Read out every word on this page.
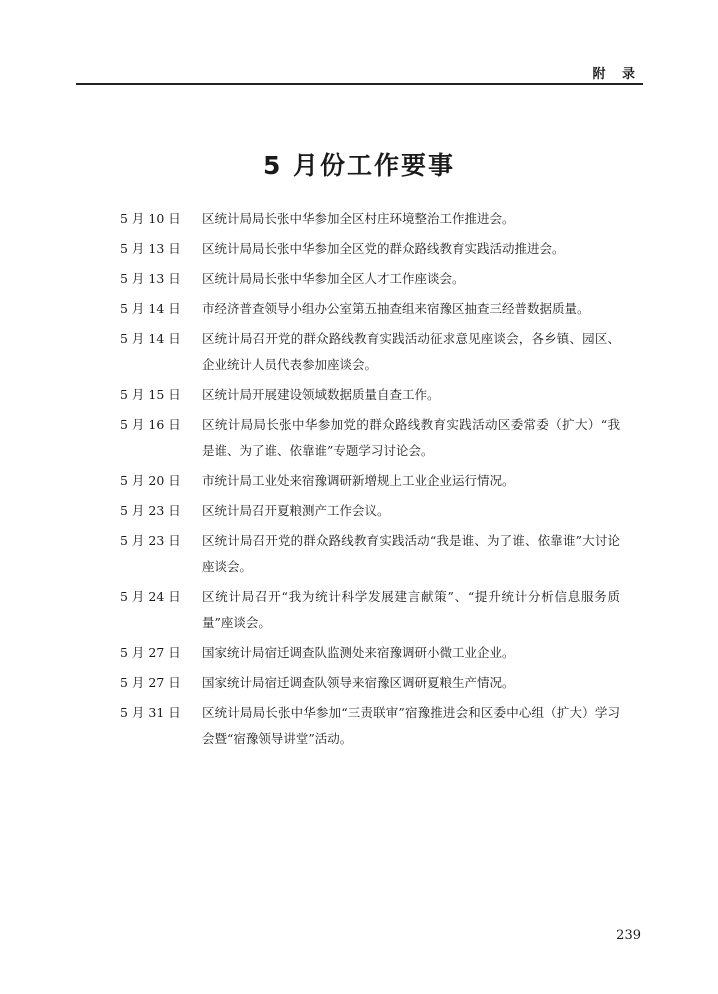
附 录
5 月份工作要事
5 月 10 日	区统计局局长张中华参加全区村庄环境整治工作推进会。
5 月 13 日	区统计局局长张中华参加全区党的群众路线教育实践活动推进会。
5 月 13 日	区统计局局长张中华参加全区人才工作座谈会。
5 月 14 日	市经济普查领导小组办公室第五抽查组来宿豫区抽查三经普数据质量。
5 月 14 日	区统计局召开党的群众路线教育实践活动征求意见座谈会，各乡镇、园区、企业统计人员代表参加座谈会。
5 月 15 日	区统计局开展建设领域数据质量自查工作。
5 月 16 日	区统计局局长张中华参加党的群众路线教育实践活动区委常委（扩大）“我是谁、为了谁、依靠谁”专题学习讨论会。
5 月 20 日	市统计局工业处来宿豫调研新增规上工业企业运行情况。
5 月 23 日	区统计局召开夏粮测产工作会议。
5 月 23 日	区统计局召开党的群众路线教育实践活动“我是谁、为了谁、依靠谁”大讨论座谈会。
5 月 24 日	区统计局召开“我为统计科学发展建言献策”、“提升统计分析信息服务质量”座谈会。
5 月 27 日	国家统计局宿迁调查队监测处来宿豫调研小微工业企业。
5 月 27 日	国家统计局宿迁调查队领导来宿豫区调研夏粮生产情况。
5 月 31 日	区统计局局长张中华参加“三责联审”宿豫推进会和区委中心组（扩大）学习会暨“宿豫领导讲堂”活动。
239
